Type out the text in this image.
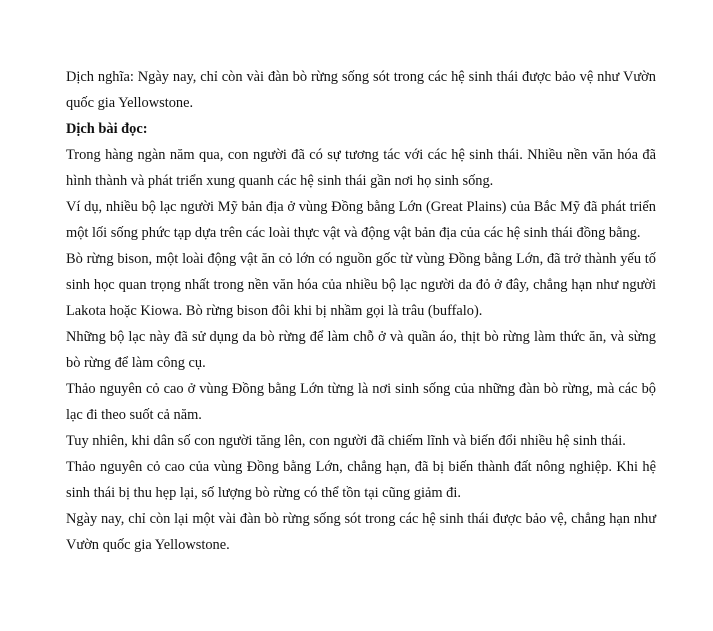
Dịch nghĩa: Ngày nay, chỉ còn vài đàn bò rừng sống sót trong các hệ sinh thái được bảo vệ như Vườn quốc gia Yellowstone.

Dịch bài đọc:

Trong hàng ngàn năm qua, con người đã có sự tương tác với các hệ sinh thái. Nhiều nền văn hóa đã hình thành và phát triển xung quanh các hệ sinh thái gần nơi họ sinh sống.

Ví dụ, nhiều bộ lạc người Mỹ bản địa ở vùng Đồng bằng Lớn (Great Plains) của Bắc Mỹ đã phát triển một lối sống phức tạp dựa trên các loài thực vật và động vật bản địa của các hệ sinh thái đồng bằng.

Bò rừng bison, một loài động vật ăn cỏ lớn có nguồn gốc từ vùng Đồng bằng Lớn, đã trở thành yếu tố sinh học quan trọng nhất trong nền văn hóa của nhiều bộ lạc người da đỏ ở đây, chẳng hạn như người Lakota hoặc Kiowa. Bò rừng bison đôi khi bị nhầm gọi là trâu (buffalo).

Những bộ lạc này đã sử dụng da bò rừng để làm chỗ ở và quần áo, thịt bò rừng làm thức ăn, và sừng bò rừng để làm công cụ.

Thảo nguyên cỏ cao ở vùng Đồng bằng Lớn từng là nơi sinh sống của những đàn bò rừng, mà các bộ lạc đi theo suốt cả năm.

Tuy nhiên, khi dân số con người tăng lên, con người đã chiếm lĩnh và biến đổi nhiều hệ sinh thái.

Thảo nguyên cỏ cao của vùng Đồng bằng Lớn, chẳng hạn, đã bị biến thành đất nông nghiệp. Khi hệ sinh thái bị thu hẹp lại, số lượng bò rừng có thể tồn tại cũng giảm đi.

Ngày nay, chỉ còn lại một vài đàn bò rừng sống sót trong các hệ sinh thái được bảo vệ, chẳng hạn như Vườn quốc gia Yellowstone.
